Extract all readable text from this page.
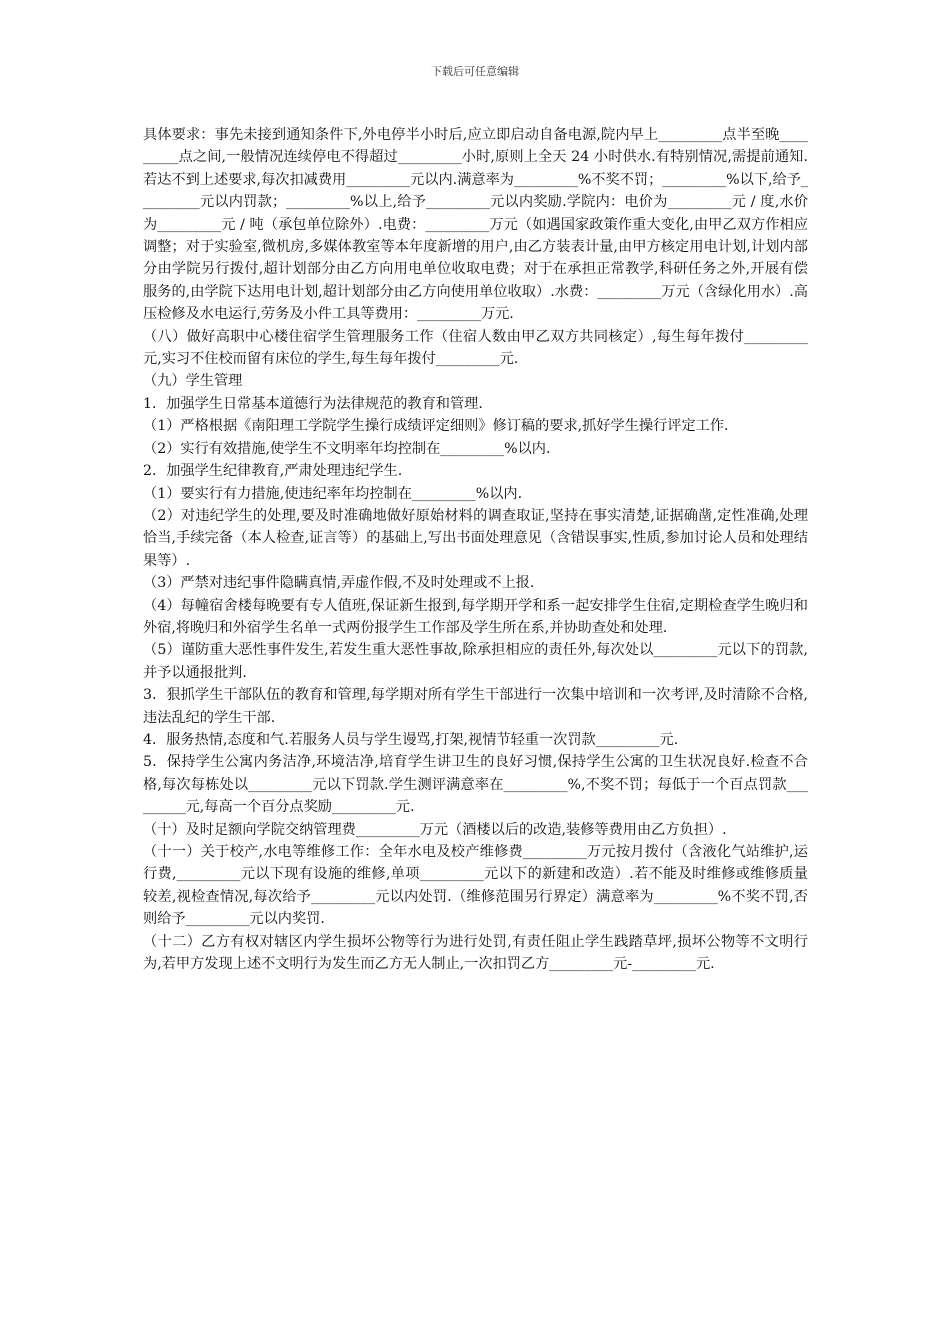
下载后可任意编辑

具体要求：事先未接到通知条件下,外电停半小时后,应立即启动自备电源,院内早上_________点半至晚_________点之间,一般情况连续停电不得超过_________小时,原则上全天 24 小时供水.有特别情况,需提前通知.若达不到上述要求,每次扣减费用_________元以内.满意率为_________%不奖不罚；_________%以下,给予_________元以内罚款；_________%以上,给予_________元以内奖励.学院内：电价为_________元 / 度,水价为_________元 / 吨（承包单位除外）.电费：_________万元（如遇国家政策作重大变化,由甲乙双方作相应调整；对于实验室,微机房,多媒体教室等本年度新增的用户,由乙方装表计量,由甲方核定用电计划,计划内部分由学院另行拨付,超计划部分由乙方向用电单位收取电费；对于在承担正常教学,科研任务之外,开展有偿服务的,由学院下达用电计划,超计划部分由乙方向使用单位收取）.水费：_________万元（含绿化用水）.高压检修及水电运行,劳务及小件工具等费用：_________万元.

（八）做好高职中心楼住宿学生管理服务工作（住宿人数由甲乙双方共同核定）,每生每年拨付_________元,实习不住校而留有床位的学生,每生每年拨付_________元.

（九）学生管理

1．加强学生日常基本道德行为法律规范的教育和管理.

（1）严格根据《南阳理工学院学生操行成绩评定细则》修订稿的要求,抓好学生操行评定工作.

（2）实行有效措施,使学生不文明率年均控制在_________%以内.

2．加强学生纪律教育,严肃处理违纪学生.

（1）要实行有力措施,使违纪率年均控制在_________%以内.

（2）对违纪学生的处理,要及时准确地做好原始材料的调查取证,坚持在事实清楚,证据确凿,定性准确,处理恰当,手续完备（本人检查,证言等）的基础上,写出书面处理意见（含错误事实,性质,参加讨论人员和处理结果等）.

（3）严禁对违纪事件隐瞒真情,弄虚作假,不及时处理或不上报.

（4）每幢宿舍楼每晚要有专人值班,保证新生报到,每学期开学和系一起安排学生住宿,定期检查学生晚归和外宿,将晚归和外宿学生名单一式两份报学生工作部及学生所在系,并协助查处和处理.

（5）谨防重大恶性事件发生,若发生重大恶性事故,除承担相应的责任外,每次处以_________元以下的罚款,并予以通报批判.

3．狠抓学生干部队伍的教育和管理,每学期对所有学生干部进行一次集中培训和一次考评,及时清除不合格,违法乱纪的学生干部.

4．服务热情,态度和气.若服务人员与学生谩骂,打架,视情节轻重一次罚款_________元.

5．保持学生公寓内务洁净,环境洁净,培育学生讲卫生的良好习惯,保持学生公寓的卫生状况良好.检查不合格,每次每栋处以_________元以下罚款.学生测评满意率在_________%,不奖不罚；每低于一个百点罚款_________元,每高一个百分点奖励_________元.

（十）及时足额向学院交纳管理费_________万元（酒楼以后的改造,装修等费用由乙方负担）.

（十一）关于校产,水电等维修工作：全年水电及校产维修费_________万元按月拨付（含液化气站维护,运行费,_________元以下现有设施的维修,单项_________元以下的新建和改造）.若不能及时维修或维修质量较差,视检查情况,每次给予_________元以内处罚.（维修范围另行界定）满意率为_________%不奖不罚,否则给予_________元以内奖罚.

（十二）乙方有权对辖区内学生损坏公物等行为进行处罚,有责任阻止学生践踏草坪,损坏公物等不文明行为,若甲方发现上述不文明行为发生而乙方无人制止,一次扣罚乙方_________元-_________元.
